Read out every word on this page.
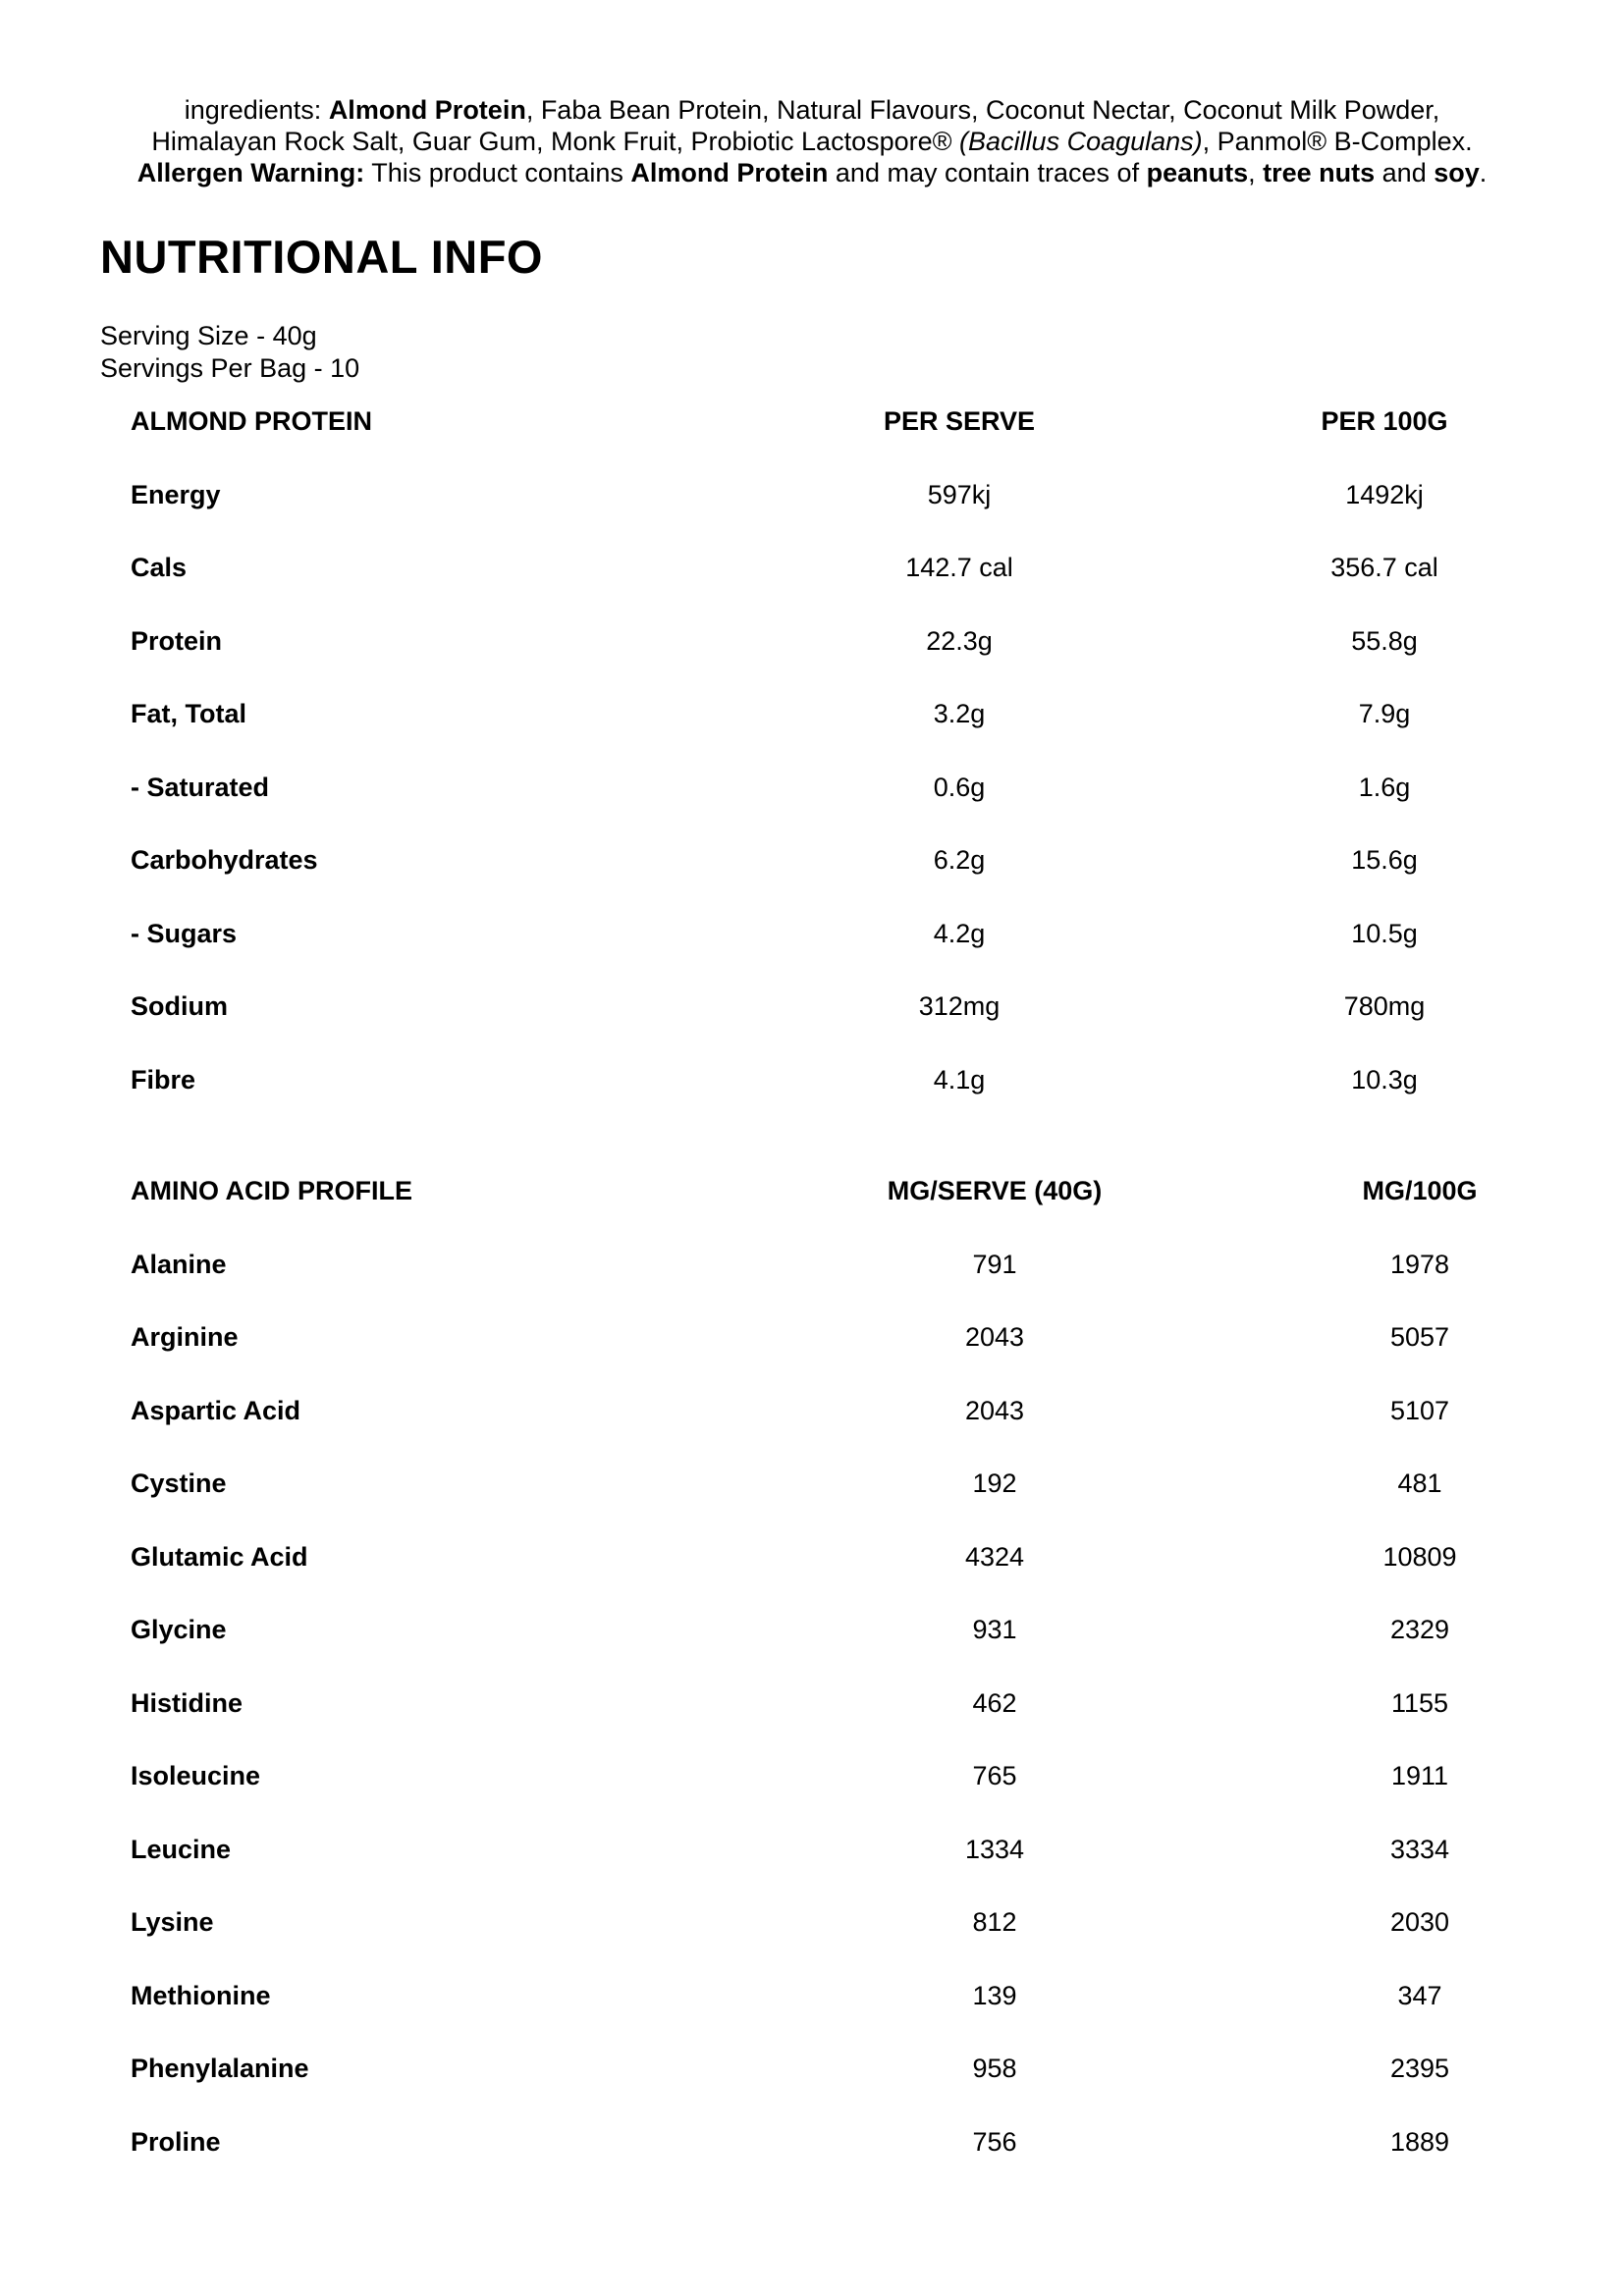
ingredients: Almond Protein, Faba Bean Protein, Natural Flavours, Coconut Nectar, Coconut Milk Powder,
Himalayan Rock Salt, Guar Gum, Monk Fruit, Probiotic Lactospore® (Bacillus Coagulans), Panmol® B-Complex.
Allergen Warning: This product contains Almond Protein and may contain traces of peanuts, tree nuts and soy.
NUTRITIONAL INFO
Serving Size - 40g
Servings Per Bag - 10
ALMOND PROTEIN	PER SERVE	PER 100G
Energy	597kj	1492kj
Cals	142.7 cal	356.7 cal
Protein	22.3g	55.8g
Fat, Total	3.2g	7.9g
- Saturated	0.6g	1.6g
Carbohydrates	6.2g	15.6g
- Sugars	4.2g	10.5g
Sodium	312mg	780mg
Fibre	4.1g	10.3g
AMINO ACID PROFILE	MG/SERVE (40G)	MG/100G
Alanine	791	1978
Arginine	2043	5057
Aspartic Acid	2043	5107
Cystine	192	481
Glutamic Acid	4324	10809
Glycine	931	2329
Histidine	462	1155
Isoleucine	765	1911
Leucine	1334	3334
Lysine	812	2030
Methionine	139	347
Phenylalanine	958	2395
Proline	756	1889
